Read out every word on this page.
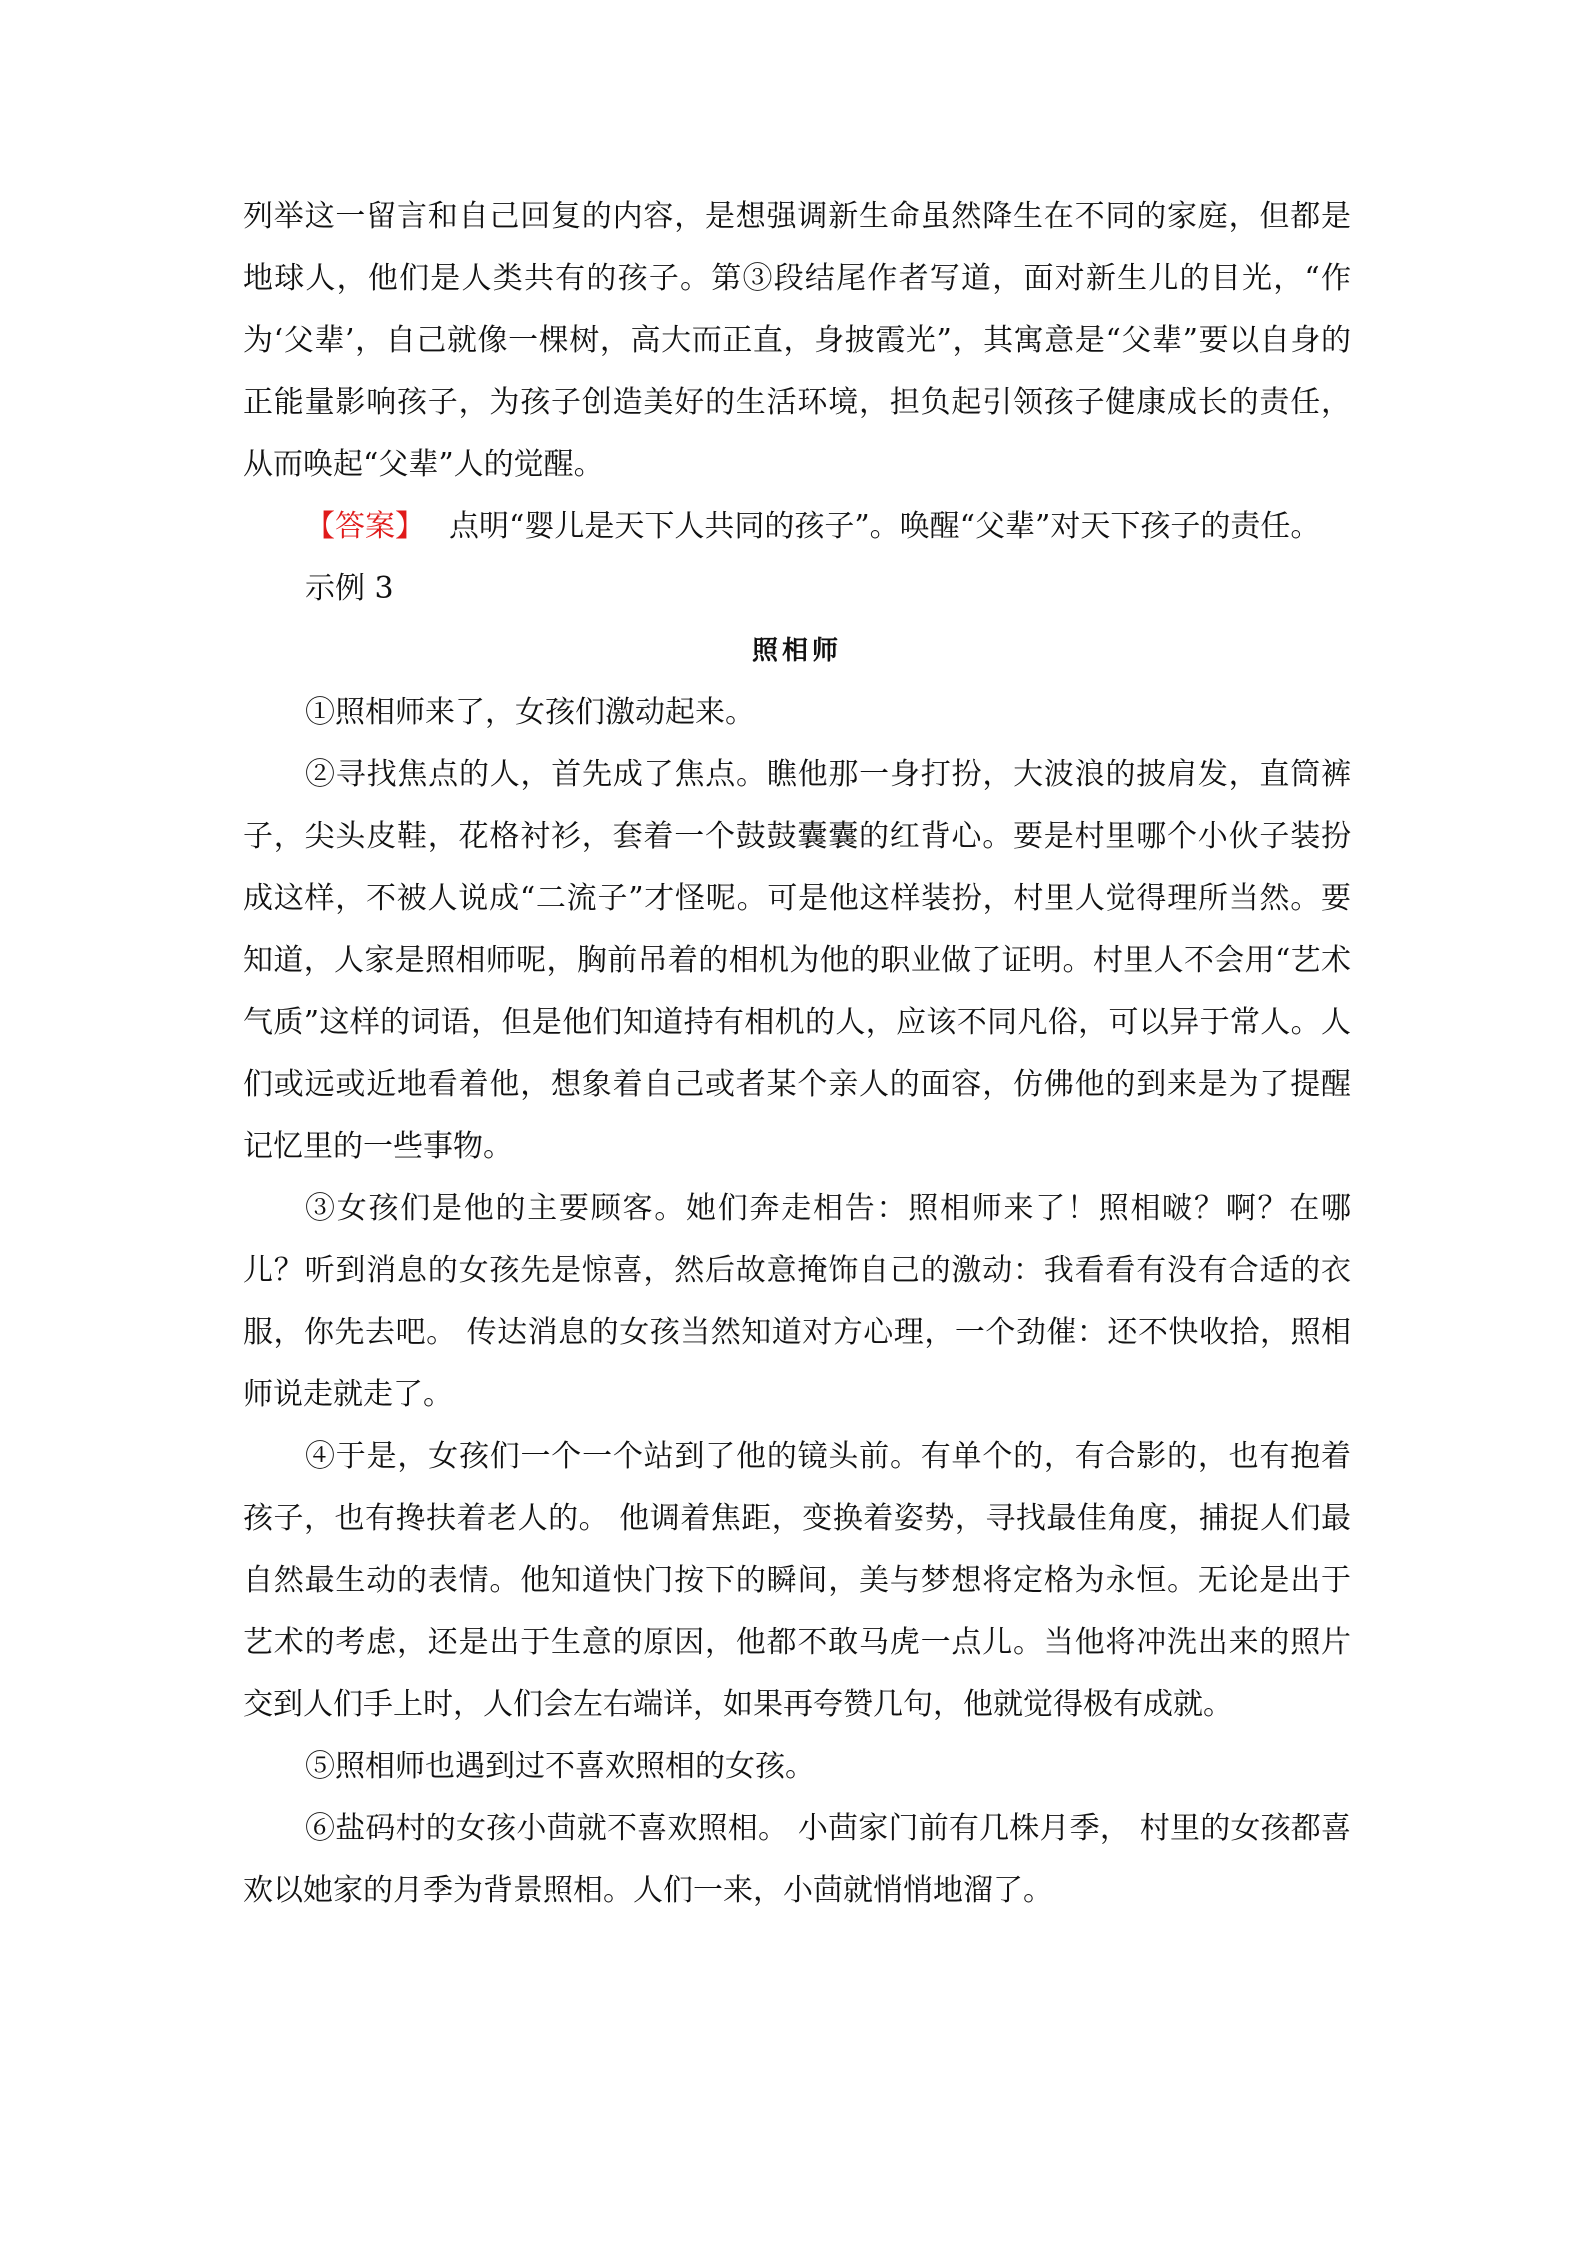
列举这一留言和自己回复的内容，是想强调新生命虽然降生在不同的家庭，但都是地球人，他们是人类共有的孩子。第③段结尾作者写道，面对新生儿的目光，“作为‘父辈’，自己就像一棵树，高大而正直，身披霞光”，其寓意是“父辈”要以自身的正能量影响孩子，为孩子创造美好的生活环境，担负起引领孩子健康成长的责任，从而唤起“父辈”人的觉醒。

【答案】 点明“婴儿是天下人共同的孩子”。唤醒“父辈”对天下孩子的责任。

示例 3

照相师

①照相师来了，女孩们激动起来。

②寻找焦点的人，首先成了焦点。瞧他那一身打扮，大波浪的披肩发，直筒裤子，尖头皮鞋，花格衬衫，套着一个鼓鼓囊囊的红背心。要是村里哪个小伙子装扮成这样，不被人说成“二流子”才怪呢。可是他这样装扮，村里人觉得理所当然。要知道，人家是照相师呢，胸前吊着的相机为他的职业做了证明。村里人不会用“艺术气质”这样的词语，但是他们知道持有相机的人，应该不同凡俗，可以异于常人。人们或远或近地看着他，想象着自己或者某个亲人的面容，仿佛他的到来是为了提醒记忆里的一些事物。

③女孩们是他的主要顾客。她们奔走相告：照相师来了！照相啵？啊？在哪儿？听到消息的女孩先是惊喜，然后故意掩饰自己的激动：我看看有没有合适的衣服，你先去吧。 传达消息的女孩当然知道对方心理，一个劲催：还不快收拾，照相师说走就走了。

④于是，女孩们一个一个站到了他的镜头前。有单个的，有合影的，也有抱着孩子，也有搀扶着老人的。 他调着焦距，变换着姿势，寻找最佳角度，捕捉人们最自然最生动的表情。他知道快门按下的瞬间，美与梦想将定格为永恒。无论是出于艺术的考虑，还是出于生意的原因，他都不敢马虎一点儿。当他将冲洗出来的照片交到人们手上时，人们会左右端详，如果再夸赞几句，他就觉得极有成就。

⑤照相师也遇到过不喜欢照相的女孩。

⑥盐码村的女孩小茴就不喜欢照相。 小茴家门前有几株月季， 村里的女孩都喜欢以她家的月季为背景照相。人们一来，小茴就悄悄地溜了。
